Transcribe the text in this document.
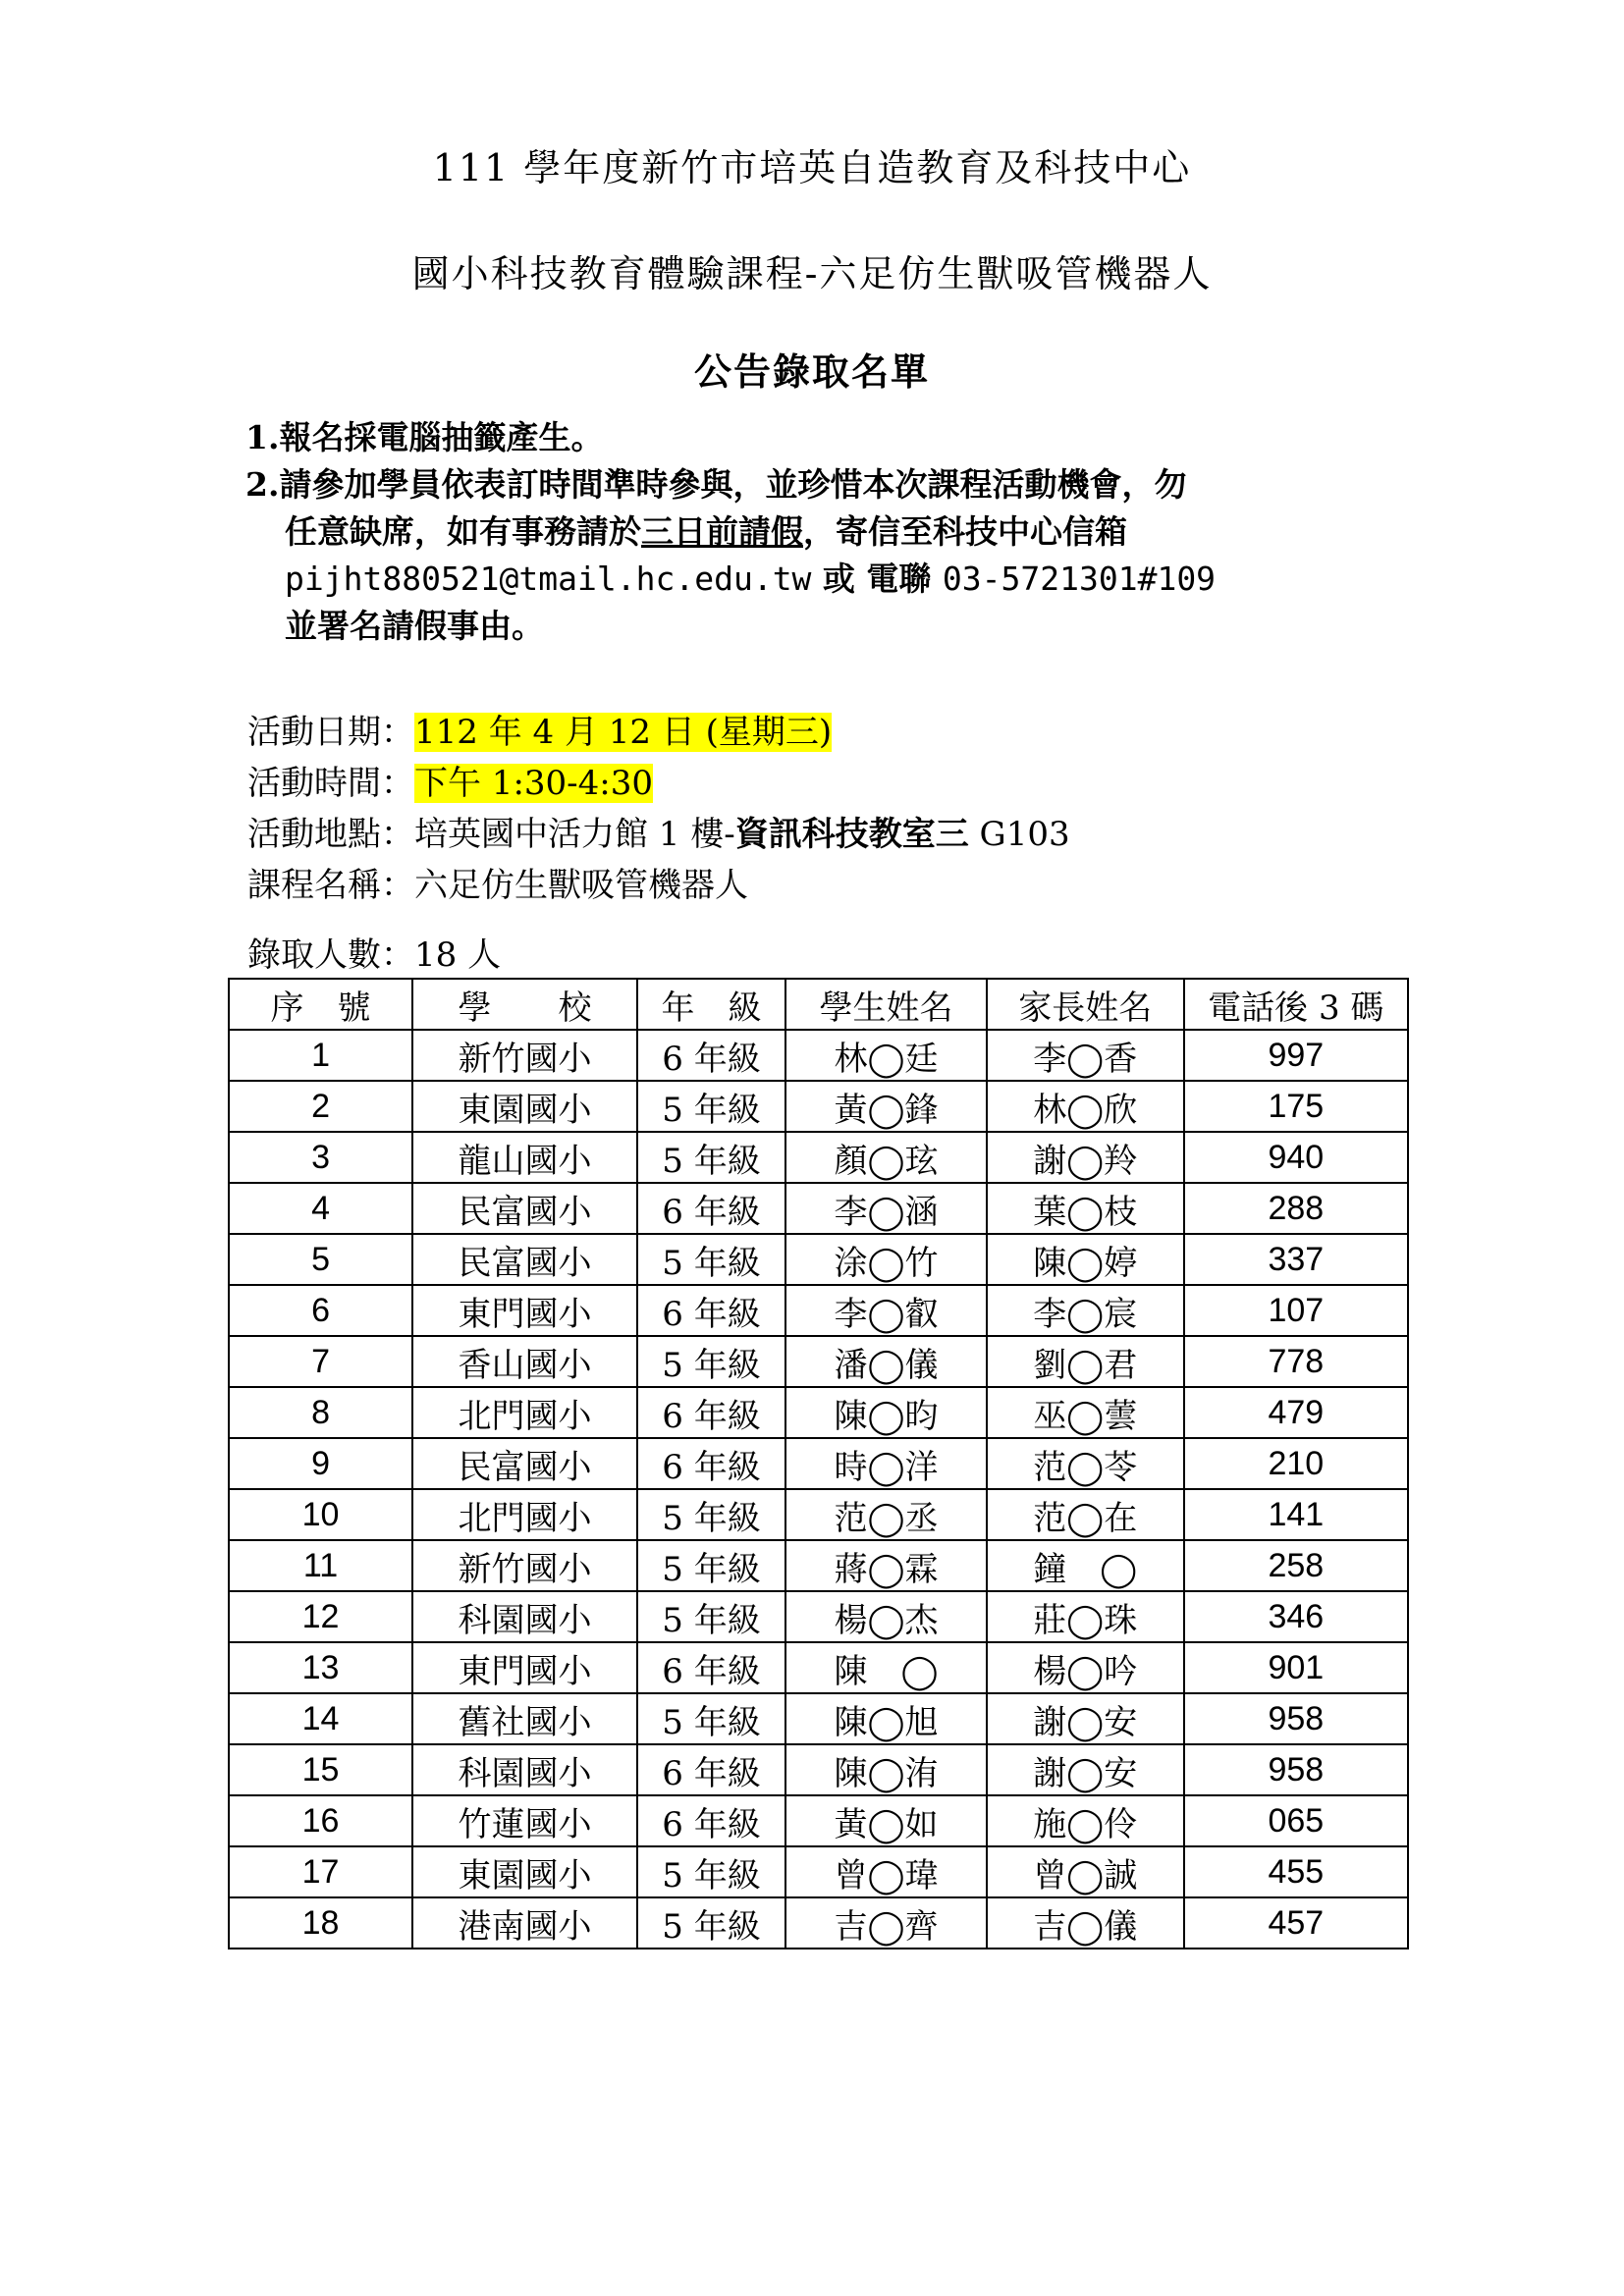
111 學年度新竹市培英自造教育及科技中心
國小科技教育體驗課程-六足仿生獸吸管機器人
公告錄取名單
1.報名採電腦抽籤產生。
2.請參加學員依表訂時間準時參與，並珍惜本次課程活動機會，勿
任意缺席，如有事務請於三日前請假，寄信至科技中心信箱
pijht880521@tmail.hc.edu.tw 或 電聯 03-5721301#109
並署名請假事由。
活動日期：112 年 4 月 12 日 (星期三)
活動時間：下午 1:30-4:30
活動地點：培英國中活力館 1 樓-資訊科技教室三 G103
課程名稱：六足仿生獸吸管機器人
錄取人數：18 人
序　號	學　　校	年　級	學生姓名	家長姓名	電話後 3 碼
1	新竹國小	6 年級	林◯廷	李◯香	997
2	東園國小	5 年級	黃◯鋒	林◯欣	175
3	龍山國小	5 年級	顏◯玹	謝◯羚	940
4	民富國小	6 年級	李◯涵	葉◯枝	288
5	民富國小	5 年級	涂◯竹	陳◯婷	337
6	東門國小	6 年級	李◯叡	李◯宸	107
7	香山國小	5 年級	潘◯儀	劉◯君	778
8	北門國小	6 年級	陳◯昀	巫◯蕓	479
9	民富國小	6 年級	時◯洋	范◯苓	210
10	北門國小	5 年級	范◯丞	范◯在	141
11	新竹國小	5 年級	蔣◯霖	鐘　◯	258
12	科園國小	5 年級	楊◯杰	莊◯珠	346
13	東門國小	6 年級	陳　◯	楊◯吟	901
14	舊社國小	5 年級	陳◯旭	謝◯安	958
15	科園國小	6 年級	陳◯洧	謝◯安	958
16	竹蓮國小	6 年級	黃◯如	施◯伶	065
17	東園國小	5 年級	曾◯瑋	曾◯誠	455
18	港南國小	5 年級	吉◯齊	吉◯儀	457
